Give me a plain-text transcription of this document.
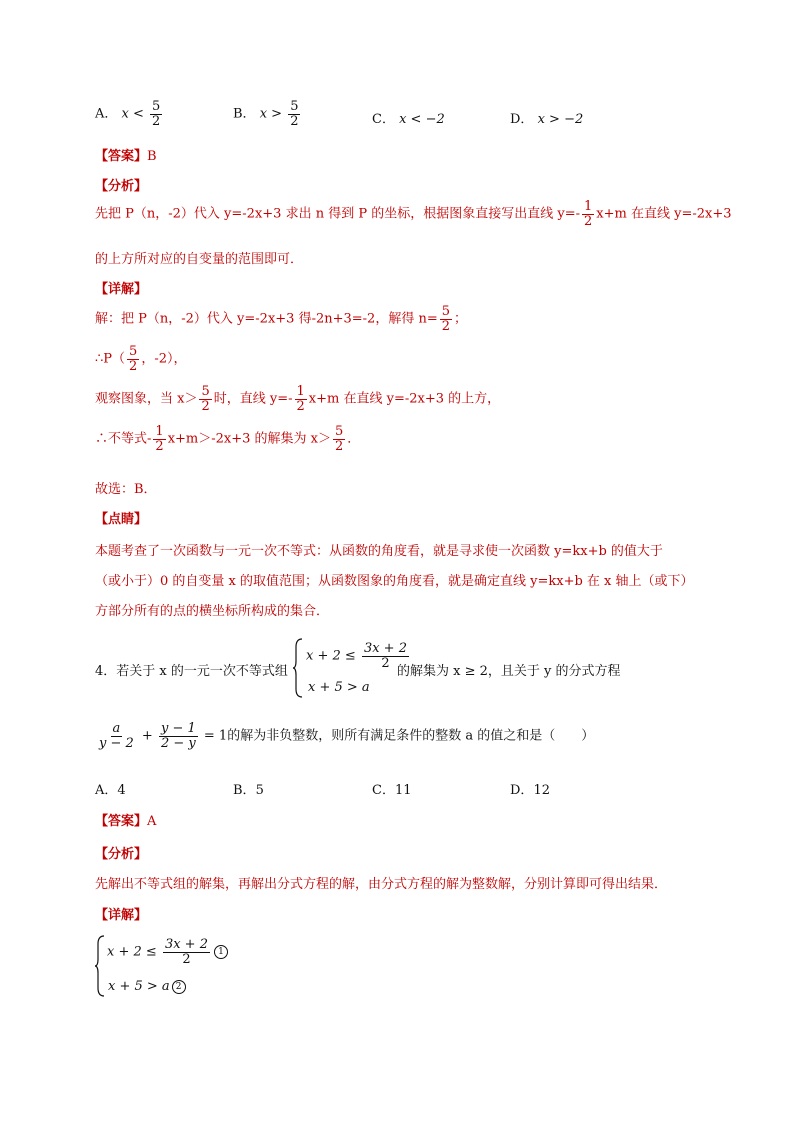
A． $x < \frac{5}{2}$	B． $x > \frac{5}{2}$	C． x < −2	D． x > −2
【答案】B
【分析】
先把 P（n，-2）代入 y=-2x+3 求出 n 得到 P 的坐标，根据图象直接写出直线 $y=- \frac{1}{2} x+m$ 在直线 y=-2x+3
的上方所对应的自变量的范围即可．
【详解】
解：把 P（n，-2）代入 y=-2x+3 得-2n+3=-2，解得 $n= \frac{5}{2}$ ；
∴P（ $\frac{5}{2}$ ，-2），
观察图象，当 $x> \frac{5}{2}$ 时，直线 $y=- \frac{1}{2} x+m$ 在直线 y=-2x+3 的上方，
∴不等式- $\frac{1}{2} x+m>-2x+3$ 的解集为 $x> \frac{5}{2}$ ．
故选：B．
【点睛】
本题考查了一次函数与一元一次不等式：从函数的角度看，就是寻求使一次函数 y=kx+b 的值大于
（或小于）0 的自变量 x 的取值范围；从函数图象的角度看，就是确定直线 y=kx+b 在 x 轴上（或下）
方部分所有的点的横坐标所构成的集合．
4．若关于 x 的一元一次不等式组
$x + 2 \le \frac{3x + 2}{2}$
x + 5 > a
的解集为 x ≥ 2，且关于 y 的分式方程
$\frac{a}{y - 2} + \frac{y - 1}{2 - y} = 1$的解为非负整数，则所有满足条件的整数 a 的值之和是（　　）
A．4	B．5	C．11	D．12
【答案】A
【分析】
先解出不等式组的解集，再解出分式方程的解，由分式方程的解为整数解，分别计算即可得出结果．
【详解】
$x + 2 \le \frac{3x + 2}{2} 1$
x + 5 > a 2
